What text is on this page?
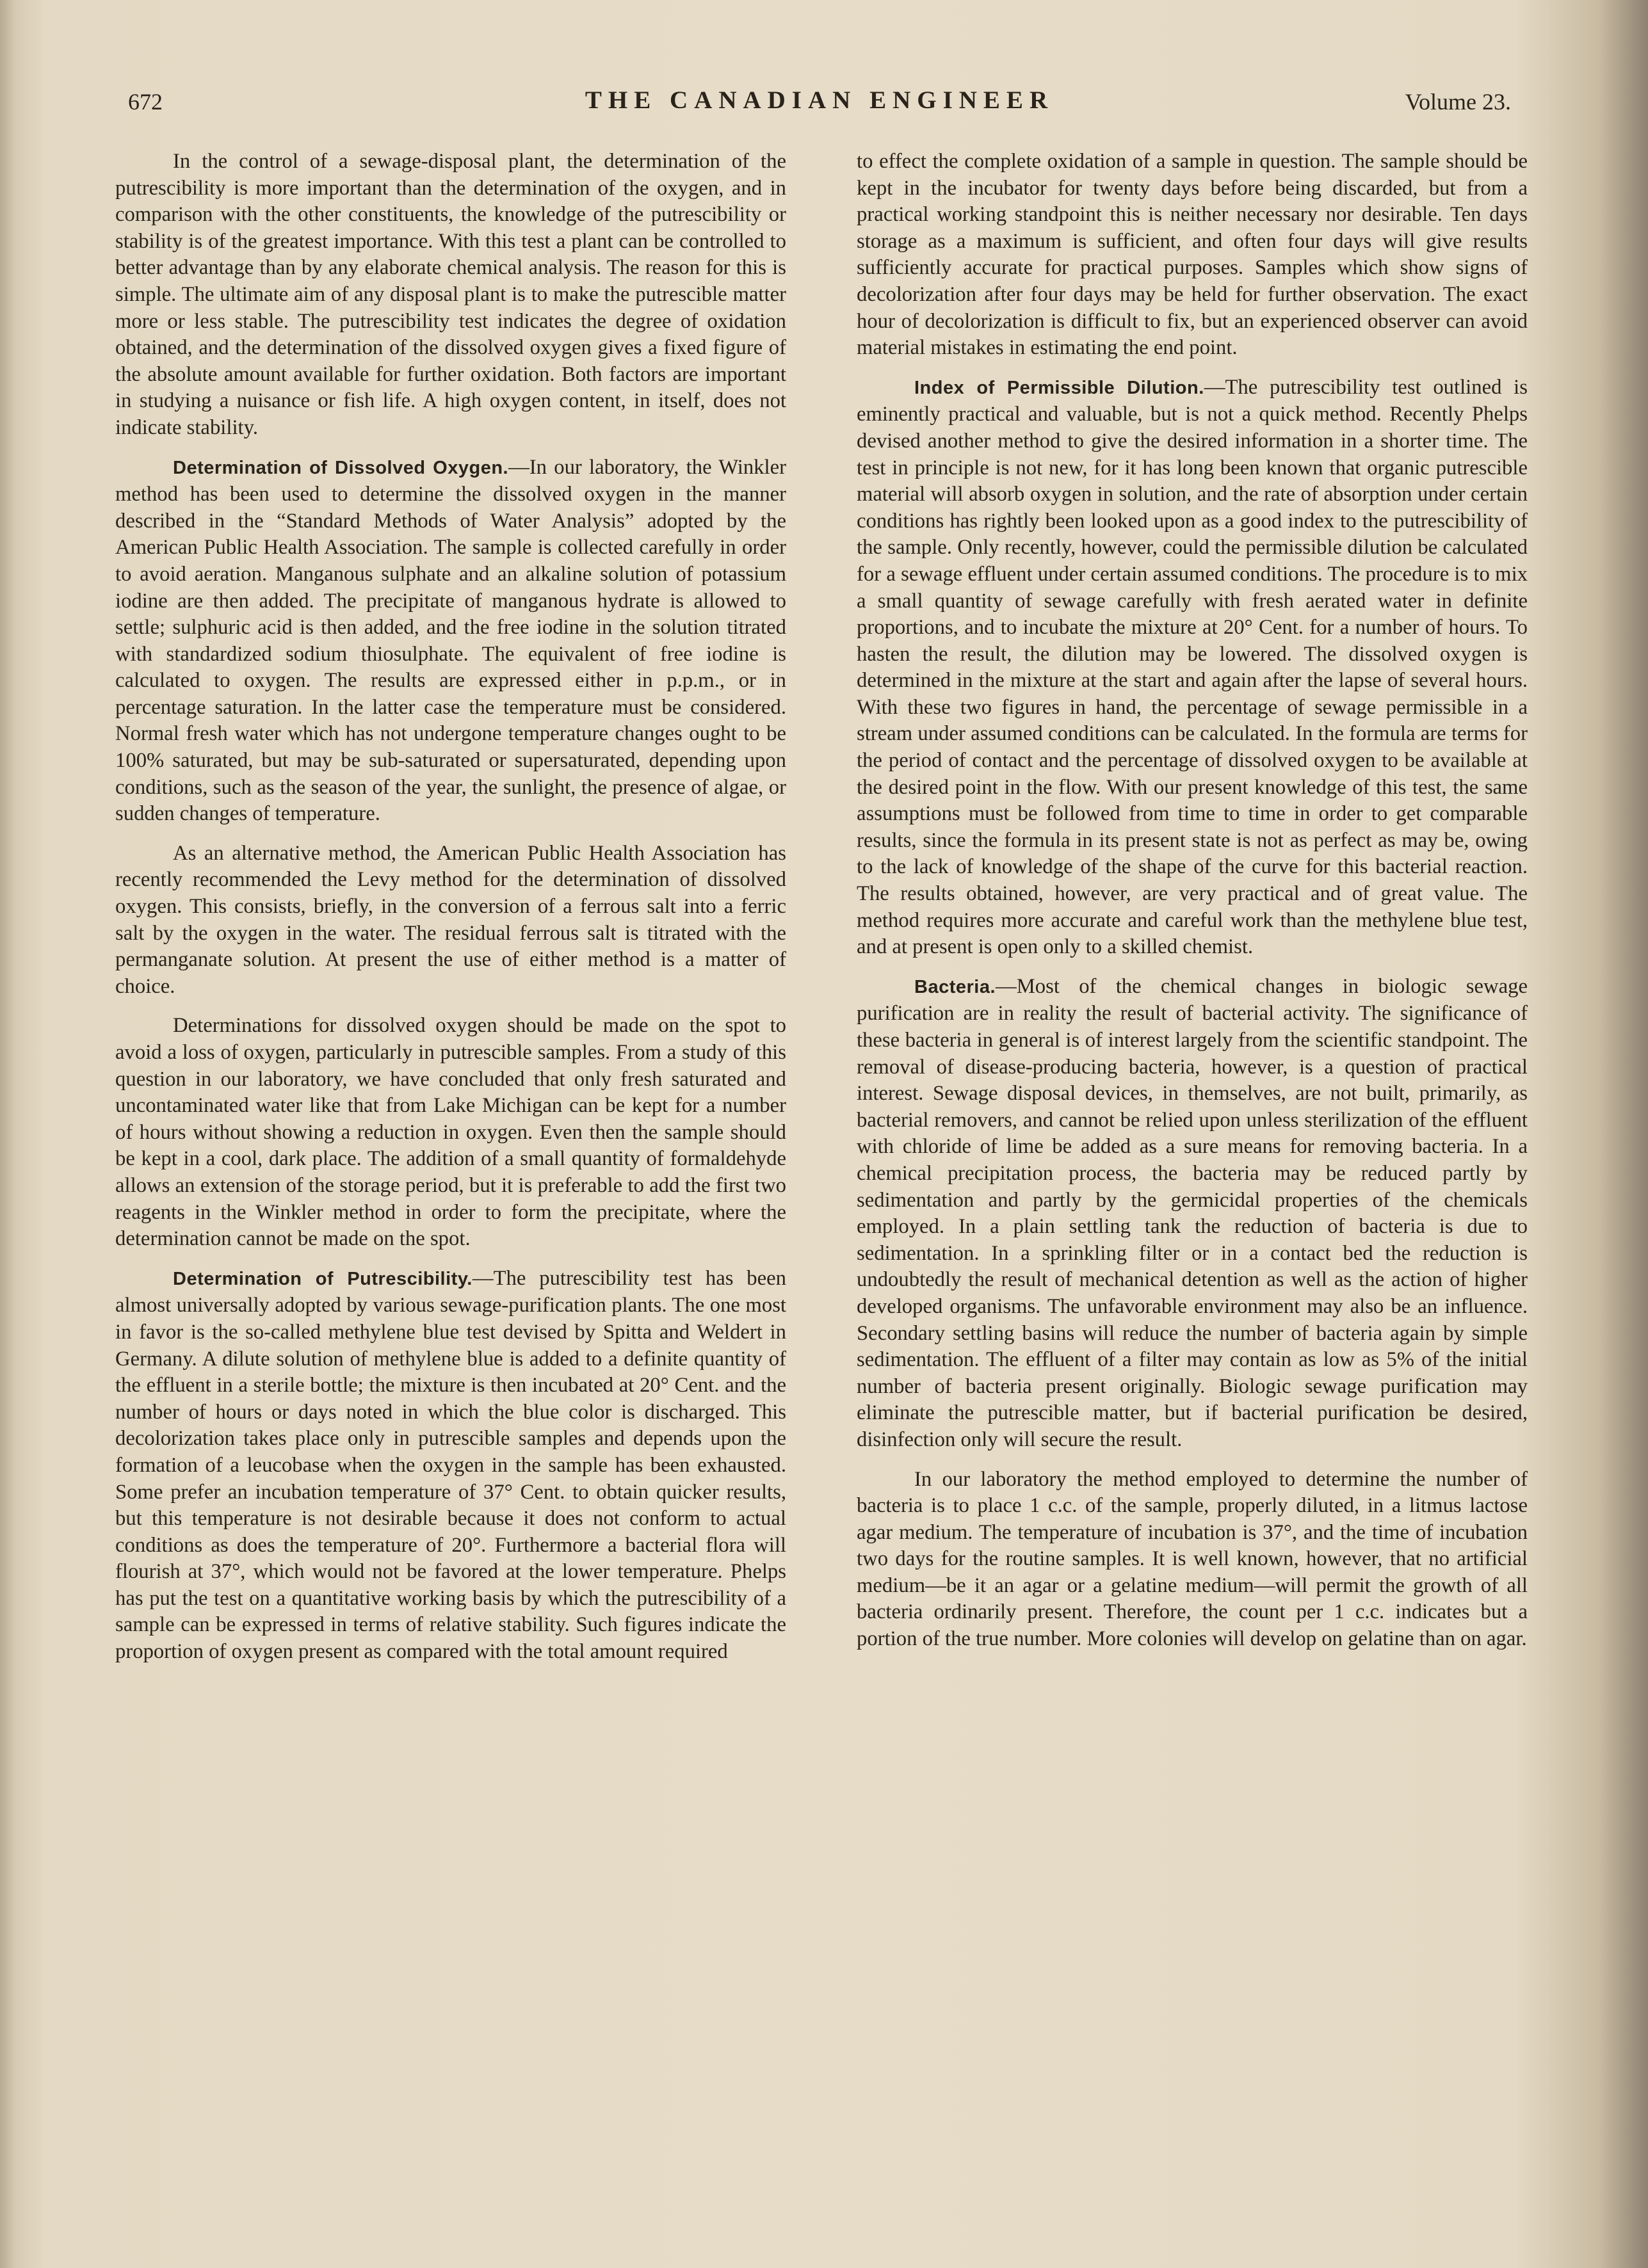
672	THE CANADIAN ENGINEER	Volume 23.

In the control of a sewage-disposal plant, the determination of the putrescibility is more important than the determination of the oxygen, and in comparison with the other constituents, the knowledge of the putrescibility or stability is of the greatest importance. With this test a plant can be controlled to better advantage than by any elaborate chemical analysis. The reason for this is simple. The ultimate aim of any disposal plant is to make the putrescible matter more or less stable. The putrescibility test indicates the degree of oxidation obtained, and the determination of the dissolved oxygen gives a fixed figure of the absolute amount available for further oxidation. Both factors are important in studying a nuisance or fish life. A high oxygen content, in itself, does not indicate stability.

Determination of Dissolved Oxygen.—In our laboratory, the Winkler method has been used to determine the dissolved oxygen in the manner described in the “Standard Methods of Water Analysis” adopted by the American Public Health Association. The sample is collected carefully in order to avoid aeration. Manganous sulphate and an alkaline solution of potassium iodine are then added. The precipitate of manganous hydrate is allowed to settle; sulphuric acid is then added, and the free iodine in the solution titrated with standardized sodium thiosulphate. The equivalent of free iodine is calculated to oxygen. The results are expressed either in p.p.m., or in percentage saturation. In the latter case the temperature must be considered. Normal fresh water which has not undergone temperature changes ought to be 100% saturated, but may be sub-saturated or supersaturated, depending upon conditions, such as the season of the year, the sunlight, the presence of algae, or sudden changes of temperature.

As an alternative method, the American Public Health Association has recently recommended the Levy method for the determination of dissolved oxygen. This consists, briefly, in the conversion of a ferrous salt into a ferric salt by the oxygen in the water. The residual ferrous salt is titrated with the permanganate solution. At present the use of either method is a matter of choice.

Determinations for dissolved oxygen should be made on the spot to avoid a loss of oxygen, particularly in putrescible samples. From a study of this question in our laboratory, we have concluded that only fresh saturated and uncontaminated water like that from Lake Michigan can be kept for a number of hours without showing a reduction in oxygen. Even then the sample should be kept in a cool, dark place. The addition of a small quantity of formaldehyde allows an extension of the storage period, but it is preferable to add the first two reagents in the Winkler method in order to form the precipitate, where the determination cannot be made on the spot.

Determination of Putrescibility.—The putrescibility test has been almost universally adopted by various sewage-purification plants. The one most in favor is the so-called methylene blue test devised by Spitta and Weldert in Germany. A dilute solution of methylene blue is added to a definite quantity of the effluent in a sterile bottle; the mixture is then incubated at 20° Cent. and the number of hours or days noted in which the blue color is discharged. This decolorization takes place only in putrescible samples and depends upon the formation of a leucobase when the oxygen in the sample has been exhausted. Some prefer an incubation temperature of 37° Cent. to obtain quicker results, but this temperature is not desirable because it does not conform to actual conditions as does the temperature of 20°. Furthermore a bacterial flora will flourish at 37°, which would not be favored at the lower temperature. Phelps has put the test on a quantitative working basis by which the putrescibility of a sample can be expressed in terms of relative stability. Such figures indicate the proportion of oxygen present as compared with the total amount required

to effect the complete oxidation of a sample in question. The sample should be kept in the incubator for twenty days before being discarded, but from a practical working standpoint this is neither necessary nor desirable. Ten days storage as a maximum is sufficient, and often four days will give results sufficiently accurate for practical purposes. Samples which show signs of decolorization after four days may be held for further observation. The exact hour of decolorization is difficult to fix, but an experienced observer can avoid material mistakes in estimating the end point.

Index of Permissible Dilution.—The putrescibility test outlined is eminently practical and valuable, but is not a quick method. Recently Phelps devised another method to give the desired information in a shorter time. The test in principle is not new, for it has long been known that organic putrescible material will absorb oxygen in solution, and the rate of absorption under certain conditions has rightly been looked upon as a good index to the putrescibility of the sample. Only recently, however, could the permissible dilution be calculated for a sewage effluent under certain assumed conditions. The procedure is to mix a small quantity of sewage carefully with fresh aerated water in definite proportions, and to incubate the mixture at 20° Cent. for a number of hours. To hasten the result, the dilution may be lowered. The dissolved oxygen is determined in the mixture at the start and again after the lapse of several hours. With these two figures in hand, the percentage of sewage permissible in a stream under assumed conditions can be calculated. In the formula are terms for the period of contact and the percentage of dissolved oxygen to be available at the desired point in the flow. With our present knowledge of this test, the same assumptions must be followed from time to time in order to get comparable results, since the formula in its present state is not as perfect as may be, owing to the lack of knowledge of the shape of the curve for this bacterial reaction. The results obtained, however, are very practical and of great value. The method requires more accurate and careful work than the methylene blue test, and at present is open only to a skilled chemist.

Bacteria.—Most of the chemical changes in biologic sewage purification are in reality the result of bacterial activity. The significance of these bacteria in general is of interest largely from the scientific standpoint. The removal of disease-producing bacteria, however, is a question of practical interest. Sewage disposal devices, in themselves, are not built, primarily, as bacterial removers, and cannot be relied upon unless sterilization of the effluent with chloride of lime be added as a sure means for removing bacteria. In a chemical precipitation process, the bacteria may be reduced partly by sedimentation and partly by the germicidal properties of the chemicals employed. In a plain settling tank the reduction of bacteria is due to sedimentation. In a sprinkling filter or in a contact bed the reduction is undoubtedly the result of mechanical detention as well as the action of higher developed organisms. The unfavorable environment may also be an influence. Secondary settling basins will reduce the number of bacteria again by simple sedimentation. The effluent of a filter may contain as low as 5% of the initial number of bacteria present originally. Biologic sewage purification may eliminate the putrescible matter, but if bacterial purification be desired, disinfection only will secure the result.

In our laboratory the method employed to determine the number of bacteria is to place 1 c.c. of the sample, properly diluted, in a litmus lactose agar medium. The temperature of incubation is 37°, and the time of incubation two days for the routine samples. It is well known, however, that no artificial medium—be it an agar or a gelatine medium—will permit the growth of all bacteria ordinarily present. Therefore, the count per 1 c.c. indicates but a portion of the true number. More colonies will develop on gelatine than on agar.
